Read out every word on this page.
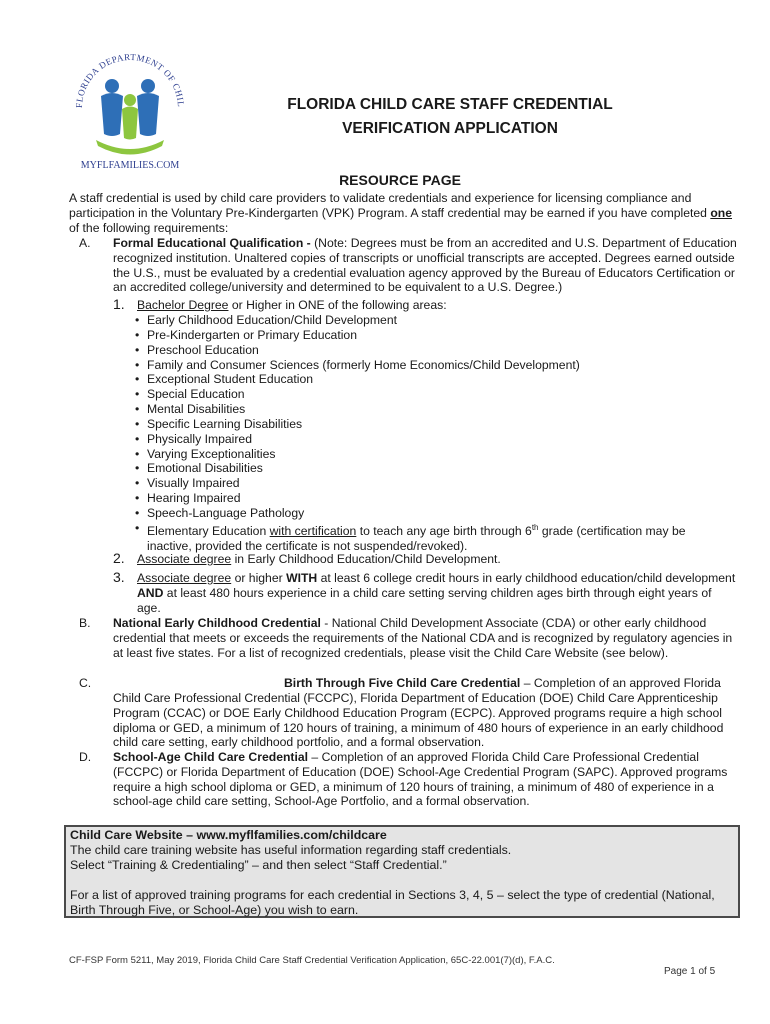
FLORIDA DEPARTMENT OF CHIL
MYFLFAMILIES.COM
FLORIDA CHILD CARE STAFF CREDENTIAL
VERIFICATION APPLICATION
RESOURCE PAGE
A staff credential is used by child care providers to validate credentials and experience for licensing compliance and participation in the Voluntary Pre-Kindergarten (VPK) Program. A staff credential may be earned if you have completed one of the following requirements:
A.	Formal Educational Qualification - (Note: Degrees must be from an accredited and U.S. Department of Education recognized institution. Unaltered copies of transcripts or unofficial transcripts are accepted. Degrees earned outside the U.S., must be evaluated by a credential evaluation agency approved by the Bureau of Educators Certification or an accredited college/university and determined to be equivalent to a U.S. Degree.)
1.	Bachelor Degree or Higher in ONE of the following areas:
• Early Childhood Education/Child Development
• Pre-Kindergarten or Primary Education
• Preschool Education
• Family and Consumer Sciences (formerly Home Economics/Child Development)
• Exceptional Student Education
• Special Education
• Mental Disabilities
• Specific Learning Disabilities
• Physically Impaired
• Varying Exceptionalities
• Emotional Disabilities
• Visually Impaired
• Hearing Impaired
• Speech-Language Pathology
• Elementary Education with certification to teach any age birth through 6th grade (certification may be inactive, provided the certificate is not suspended/revoked).
2.	Associate degree in Early Childhood Education/Child Development.
3.	Associate degree or higher WITH at least 6 college credit hours in early childhood education/child development AND at least 480 hours experience in a child care setting serving children ages birth through eight years of age.
B.	National Early Childhood Credential - National Child Development Associate (CDA) or other early childhood credential that meets or exceeds the requirements of the National CDA and is recognized by regulatory agencies in at least five states. For a list of recognized credentials, please visit the Child Care Website (see below).
C.	Birth Through Five Child Care Credential – Completion of an approved Florida
Child Care Professional Credential (FCCPC), Florida Department of Education (DOE) Child Care Apprenticeship Program (CCAC) or DOE Early Childhood Education Program (ECPC). Approved programs require a high school diploma or GED, a minimum of 120 hours of training, a minimum of 480 hours of experience in an early childhood child care setting, early childhood portfolio, and a formal observation.
D.	School-Age Child Care Credential – Completion of an approved Florida Child Care Professional Credential (FCCPC) or Florida Department of Education (DOE) School-Age Credential Program (SAPC). Approved programs require a high school diploma or GED, a minimum of 120 hours of training, a minimum of 480 of experience in a school-age child care setting, School-Age Portfolio, and a formal observation.
Child Care Website – www.myflfamilies.com/childcare
The child care training website has useful information regarding staff credentials.
Select “Training & Credentialing” – and then select “Staff Credential.”
For a list of approved training programs for each credential in Sections 3, 4, 5 – select the type of credential (National, Birth Through Five, or School-Age) you wish to earn.
CF-FSP Form 5211, May 2019, Florida Child Care Staff Credential Verification Application, 65C-22.001(7)(d), F.A.C.
Page 1 of 5
